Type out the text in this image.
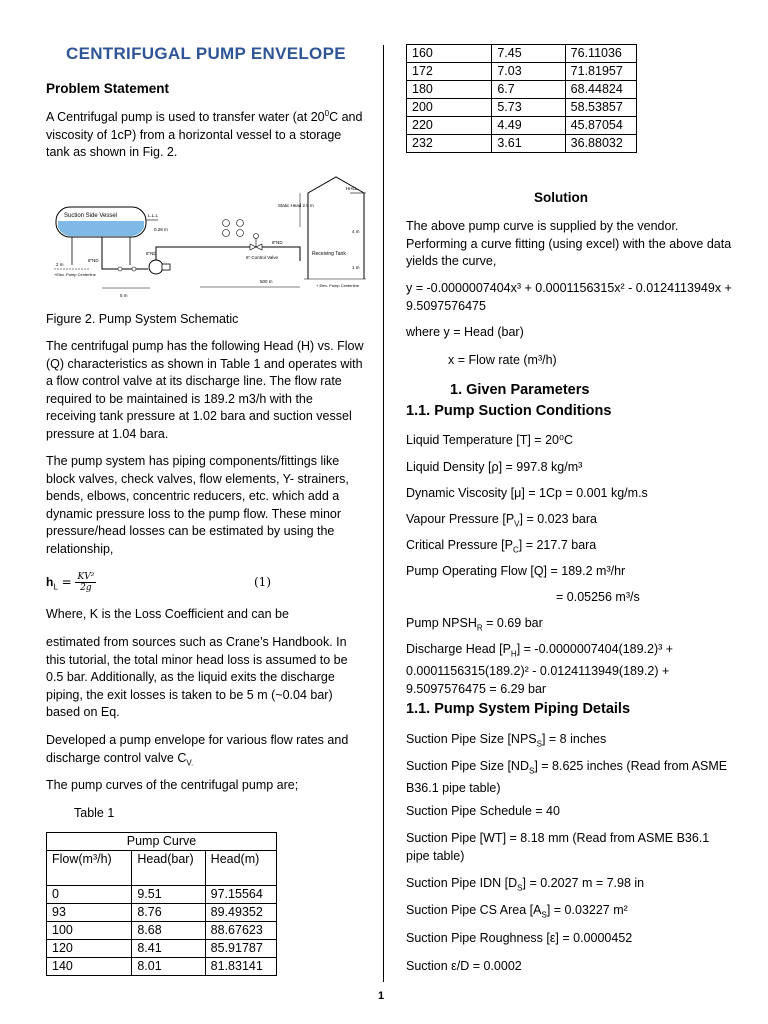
CENTRIFUGAL PUMP ENVELOPE
Problem Statement
A Centrifugal pump is used to transfer water (at $20^0C$ and viscosity of 1cP) from a horizontal vessel to a storage tank as shown in Fig. 2.
Suction Side Vessel	L.L.L
0.28 m
2 m
+Elev. Pump Centerline
8"ND
5 m
6"ND
6" Control Valve
8"ND
500 m
Receiving Tank
Static Head 2.5 m
HHLL
4 m
1 m
+ Elev. Pump Centerline
Figure 2. Pump System Schematic
The centrifugal pump has the following Head (H) vs. Flow (Q) characteristics as shown in Table 1 and operates with a flow control valve at its discharge line. The flow rate required to be maintained is 189.2 m3/h with the receiving tank pressure at 1.02 bara and suction vessel pressure at 1.04 bara.
The pump system has piping components/fittings like block valves, check valves, flow elements, Y- strainers, bends, elbows, concentric reducers, etc. which add a dynamic pressure loss to the pump flow. These minor pressure/head losses can be estimated by using the relationship,
$h_L = \frac{\text{KV²}}{2g}$	(1)
Where, K is the Loss Coefficient and can be
estimated from sources such as Crane’s Handbook. In this tutorial, the total minor head loss is assumed to be 0.5 bar. Additionally, as the liquid exits the discharge piping, the exit losses is taken to be 5 m (~0.04 bar) based on Eq.
Developed a pump envelope for various flow rates and discharge control valve $C_{V.}$
The pump curves of the centrifugal pump are;
Table 1
Pump Curve		
Flow(m³/h)	Head(bar)	Head(m)
0	9.51	97.15564
93	8.76	89.49352
100	8.68	88.67623
120	8.41	85.91787
140	8.01	81.83141
160	7.45	76.11036
172	7.03	71.81957
180	6.7	68.44824
200	5.73	58.53857
220	4.49	45.87054
232	3.61	36.88032
Solution
The above pump curve is supplied by the vendor. Performing a curve fitting (using excel) with the above data yields the curve,
y = -0.0000007404x³ + 0.0001156315x² - 0.0124113949x + 9.5097576475
where y = Head (bar)
x = Flow rate (m³/h)
1. Given Parameters
1.1. Pump Suction Conditions
Liquid Temperature [T] = 20⁰C
Liquid Density [ρ] = 997.8 kg/m³
Dynamic Viscosity [μ] = 1Cp = 0.001 kg/m.s
Vapour Pressure $[P_V] = 0.023$ bara
Critical Pressure $[P_C] = 217.7$ bara
Pump Operating Flow [Q] = 189.2 m³/hr
= 0.05256 m³/s
Pump $NPSH_R = 0.69$ bar
Discharge Head $[P_H] = -0.0000007404(189.2)^3 + 0.0001156315(189.2)^2 - 0.0124113949(189.2) + 9.5097576475 = 6.29$ bar
1.1. Pump System Piping Details
Suction Pipe Size $[NPS_S] = 8$ inches
Suction Pipe Size $[ND_S] = 8.625$ inches (Read from ASME B36.1 pipe table)
Suction Pipe Schedule = 40
Suction Pipe [WT] = 8.18 mm (Read from ASME B36.1 pipe table)
Suction Pipe IDN $[D_S] = 0.2027$ m = 7.98 in
Suction Pipe CS Area $[A_S] = 0.03227$ m²
Suction Pipe Roughness [ε] = 0.0000452
Suction ε/D = 0.0002
1
